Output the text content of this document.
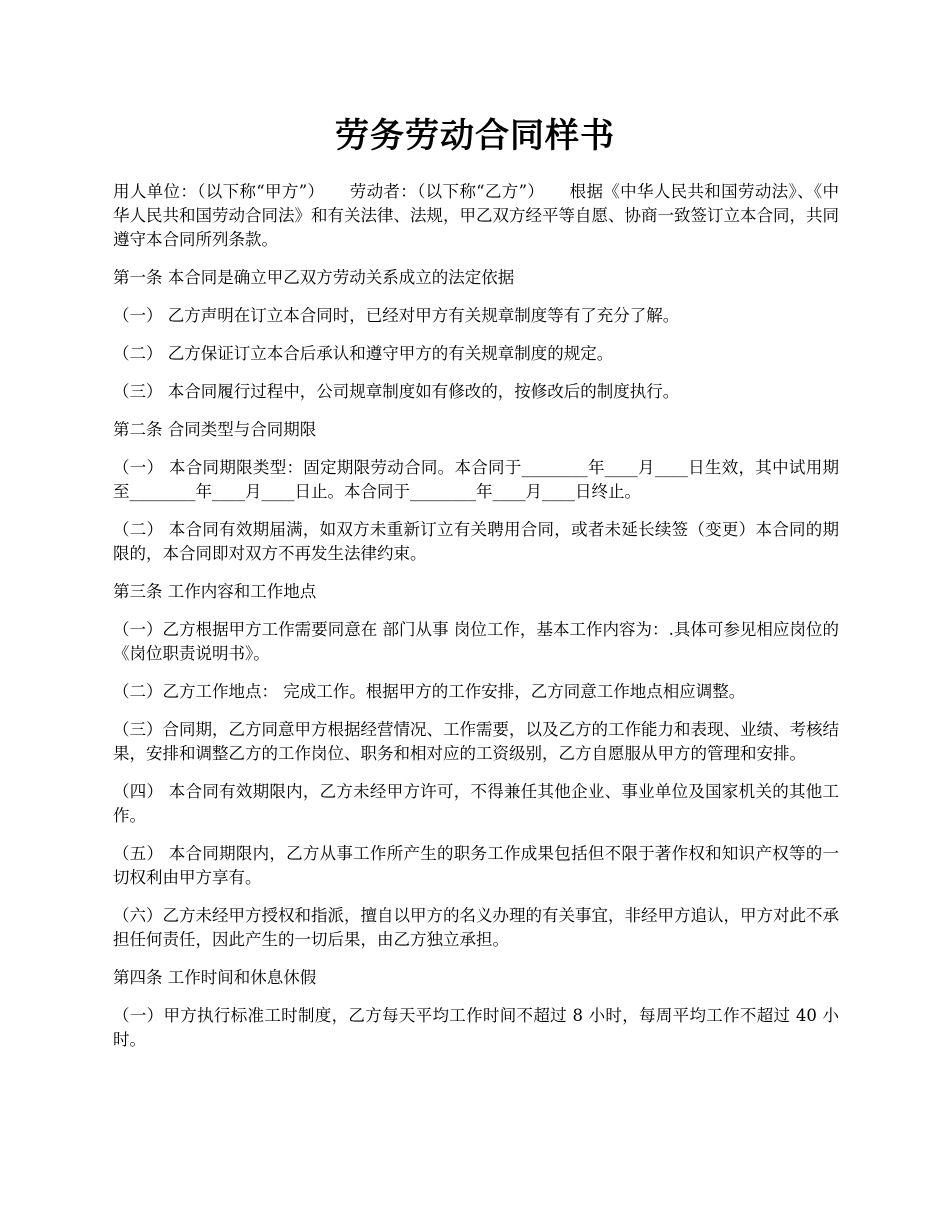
劳务劳动合同样书

用人单位：（以下称“甲方”）　　劳动者：（以下称“乙方”）　　根据《中华人民共和国劳动法》、《中华人民共和国劳动合同法》和有关法律、法规，甲乙双方经平等自愿、协商一致签订立本合同，共同遵守本合同所列条款。

第一条 本合同是确立甲乙双方劳动关系成立的法定依据

（一） 乙方声明在订立本合同时，已经对甲方有关规章制度等有了充分了解。

（二） 乙方保证订立本合后承认和遵守甲方的有关规章制度的规定。

（三） 本合同履行过程中，公司规章制度如有修改的，按修改后的制度执行。

第二条 合同类型与合同期限

（一） 本合同期限类型：固定期限劳动合同。本合同于________年____月____日生效，其中试用期至________年____月____日止。本合同于________年____月____日终止。

（二） 本合同有效期届满，如双方未重新订立有关聘用合同，或者未延长续签（变更）本合同的期限的，本合同即对双方不再发生法律约束。

第三条 工作内容和工作地点

（一）乙方根据甲方工作需要同意在 部门从事 岗位工作，基本工作内容为：.具体可参见相应岗位的《岗位职责说明书》。

（二）乙方工作地点： 完成工作。根据甲方的工作安排，乙方同意工作地点相应调整。

（三）合同期，乙方同意甲方根据经营情况、工作需要，以及乙方的工作能力和表现、业绩、考核结果，安排和调整乙方的工作岗位、职务和相对应的工资级别，乙方自愿服从甲方的管理和安排。

（四） 本合同有效期限内，乙方未经甲方许可，不得兼任其他企业、事业单位及国家机关的其他工作。

（五） 本合同期限内，乙方从事工作所产生的职务工作成果包括但不限于著作权和知识产权等的一切权利由甲方享有。

（六）乙方未经甲方授权和指派，擅自以甲方的名义办理的有关事宜，非经甲方追认，甲方对此不承担任何责任，因此产生的一切后果，由乙方独立承担。

第四条 工作时间和休息休假

（一）甲方执行标准工时制度，乙方每天平均工作时间不超过 8 小时，每周平均工作不超过 40 小时。
